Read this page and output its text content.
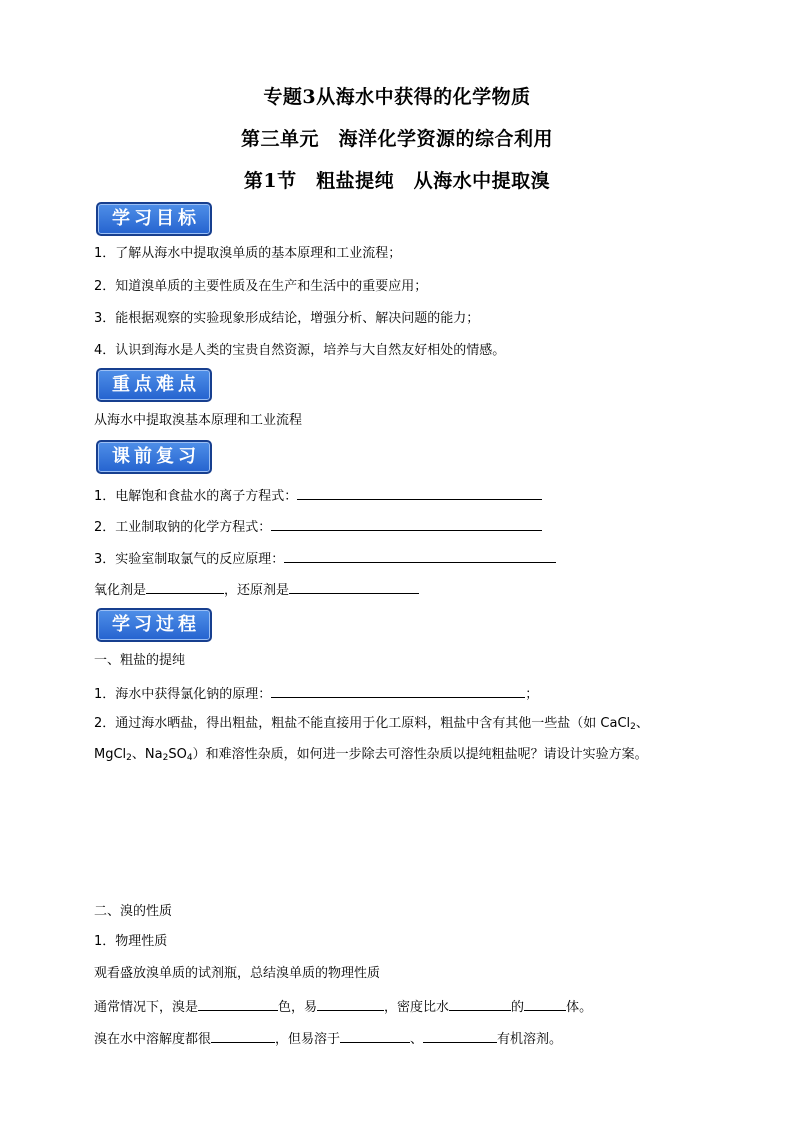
专题3从海水中获得的化学物质
第三单元　海洋化学资源的综合利用
第1节　粗盐提纯　从海水中提取溴
学习目标
1．了解从海水中提取溴单质的基本原理和工业流程；
2．知道溴单质的主要性质及在生产和生活中的重要应用；
3．能根据观察的实验现象形成结论，增强分析、解决问题的能力；
4．认识到海水是人类的宝贵自然资源，培养与大自然友好相处的情感。
重点难点
从海水中提取溴基本原理和工业流程
课前复习
1．电解饱和食盐水的离子方程式：
2．工业制取钠的化学方程式：
3．实验室制取氯气的反应原理：
氧化剂是	，还原剂是
学习过程
一、粗盐的提纯
1．海水中获得氯化钠的原理：	；
2．通过海水晒盐，得出粗盐，粗盐不能直接用于化工原料，粗盐中含有其他一些盐（如 CaCl$_2$、
MgCl$_2$、$Na_2SO_4$）和难溶性杂质，如何进一步除去可溶性杂质以提纯粗盐呢？请设计实验方案。
二、溴的性质
1．物理性质
观看盛放溴单质的试剂瓶，总结溴单质的物理性质
通常情况下，溴是	色，易	，密度比水	的	体。
溴在水中溶解度都很	，但易溶于	、	有机溶剂。
